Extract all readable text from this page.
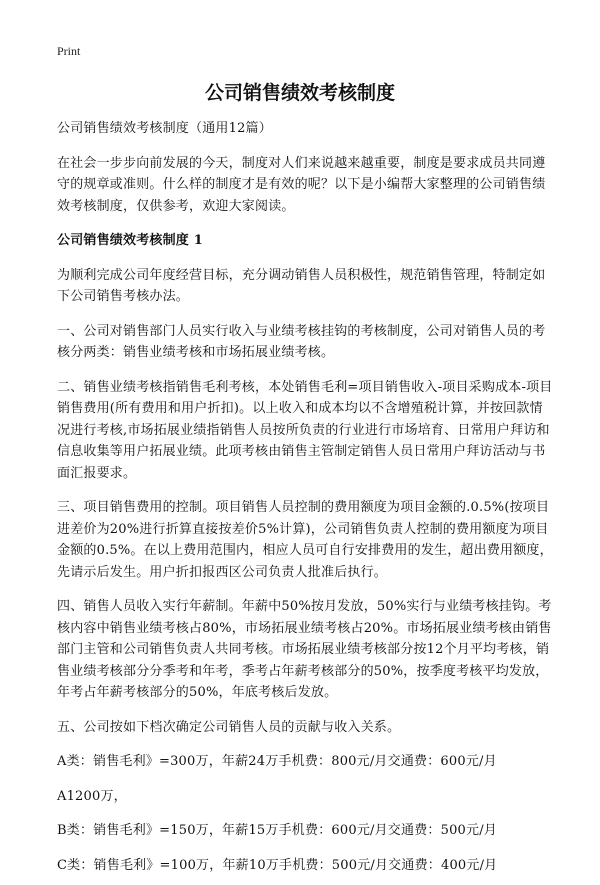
Print
公司销售绩效考核制度

公司销售绩效考核制度（通用12篇）

在社会一步步向前发展的今天，制度对人们来说越来越重要，制度是要求成员共同遵守的规章或准则。什么样的制度才是有效的呢？以下是小编帮大家整理的公司销售绩效考核制度，仅供参考，欢迎大家阅读。

公司销售绩效考核制度 1

为顺利完成公司年度经营目标，充分调动销售人员积极性，规范销售管理，特制定如下公司销售考核办法。

一、公司对销售部门人员实行收入与业绩考核挂钩的考核制度，公司对销售人员的考核分两类：销售业绩考核和市场拓展业绩考核。

二、销售业绩考核指销售毛利考核，本处销售毛利=项目销售收入-项目采购成本-项目销售费用(所有费用和用户折扣)。以上收入和成本均以不含增殖税计算，并按回款情况进行考核,市场拓展业绩指销售人员按所负责的行业进行市场培育、日常用户拜访和信息收集等用户拓展业绩。此项考核由销售主管制定销售人员日常用户拜访活动与书面汇报要求。

三、项目销售费用的控制。项目销售人员控制的费用额度为项目金额的.0.5%(按项目进差价为20%进行折算直接按差价5%计算)，公司销售负责人控制的费用额度为项目金额的0.5%。在以上费用范围内，相应人员可自行安排费用的发生，超出费用额度，先请示后发生。用户折扣报西区公司负责人批准后执行。

四、销售人员收入实行年薪制。年薪中50%按月发放，50%实行与业绩考核挂钩。考核内容中销售业绩考核占80%，市场拓展业绩考核占20%。市场拓展业绩考核由销售部门主管和公司销售负责人共同考核。市场拓展业绩考核部分按12个月平均考核，销售业绩考核部分分季考和年考，季考占年薪考核部分的50%，按季度考核平均发放，年考占年薪考核部分的50%，年底考核后发放。

五、公司按如下档次确定公司销售人员的贡献与收入关系。

A类：销售毛利》=300万，年薪24万手机费：800元/月交通费：600元/月

A1200万，

B类：销售毛利》=150万，年薪15万手机费：600元/月交通费：500元/月

C类：销售毛利》=100万，年薪10万手机费：500元/月交通费：400元/月
